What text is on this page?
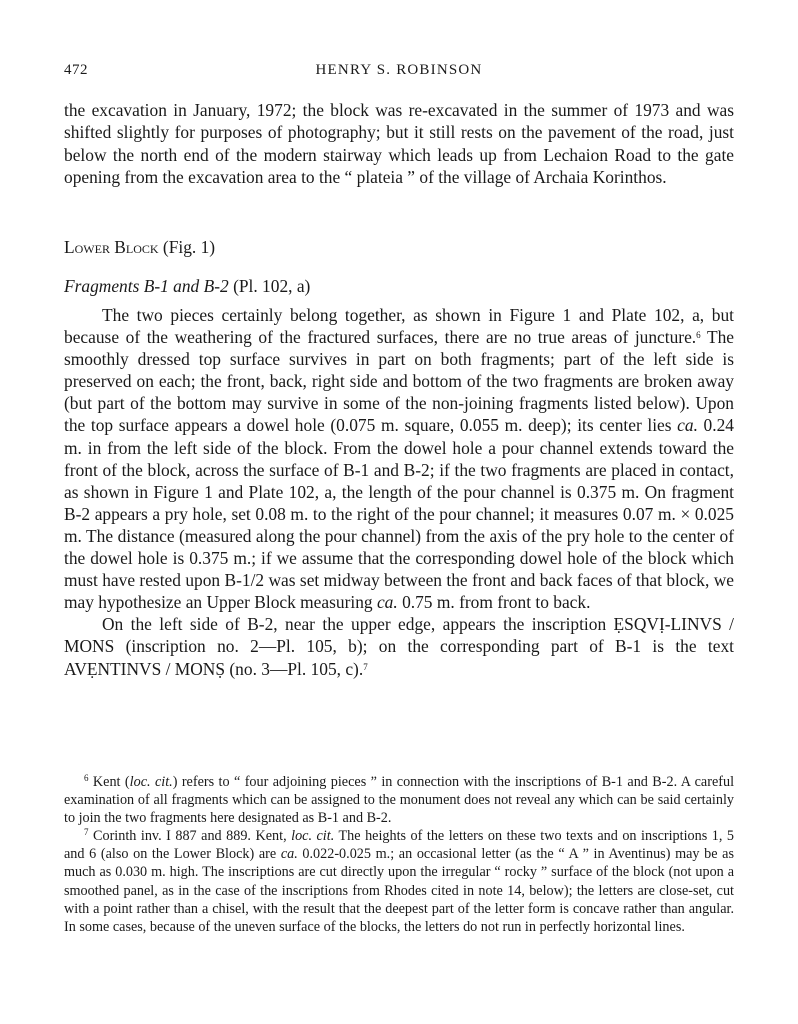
472	HENRY S. ROBINSON

the excavation in January, 1972; the block was re-excavated in the summer of 1973 and was shifted slightly for purposes of photography; but it still rests on the pavement of the road, just below the north end of the modern stairway which leads up from Lechaion Road to the gate opening from the excavation area to the “ plateia ” of the village of Archaia Korinthos.

Lower Block (Fig. 1)
Fragments B-1 and B-2 (Pl. 102, a)

The two pieces certainly belong together, as shown in Figure 1 and Plate 102, a, but because of the weathering of the fractured surfaces, there are no true areas of juncture.$^6$ The smoothly dressed top surface survives in part on both fragments; part of the left side is preserved on each; the front, back, right side and bottom of the two fragments are broken away (but part of the bottom may survive in some of the non-joining fragments listed below). Upon the top surface appears a dowel hole (0.075 m. square, 0.055 m. deep); its center lies ca. 0.24 m. in from the left side of the block. From the dowel hole a pour channel extends toward the front of the block, across the surface of B-1 and B-2; if the two fragments are placed in contact, as shown in Figure 1 and Plate 102, a, the length of the pour channel is 0.375 m. On fragment B-2 appears a pry hole, set 0.08 m. to the right of the pour channel; it measures 0.07 m. × 0.025 m. The distance (measured along the pour channel) from the axis of the pry hole to the center of the dowel hole is 0.375 m.; if we assume that the corresponding dowel hole of the block which must have rested upon B-1/2 was set midway between the front and back faces of that block, we may hypothesize an Upper Block measuring ca. 0.75 m. from front to back.

On the left side of B-2, near the upper edge, appears the inscription ẸSQVỊ-LINVS / MONS (inscription no. 2—Pl. 105, b); on the corresponding part of B-1 is the text AVẸNTINVS / MONṢ (no. 3—Pl. 105, c).$^7$

$^6$ Kent (loc. cit.) refers to “ four adjoining pieces ” in connection with the inscriptions of B-1 and B-2. A careful examination of all fragments which can be assigned to the monument does not reveal any which can be said certainly to join the two fragments here designated as B-1 and B-2.

$^7$ Corinth inv. I 887 and 889. Kent, loc. cit. The heights of the letters on these two texts and on inscriptions 1, 5 and 6 (also on the Lower Block) are ca. 0.022-0.025 m.; an occasional letter (as the “ A ” in Aventinus) may be as much as 0.030 m. high. The inscriptions are cut directly upon the irregular “ rocky ” surface of the block (not upon a smoothed panel, as in the case of the inscriptions from Rhodes cited in note 14, below); the letters are close-set, cut with a point rather than a chisel, with the result that the deepest part of the letter form is concave rather than angular. In some cases, because of the uneven surface of the blocks, the letters do not run in perfectly horizontal lines.
